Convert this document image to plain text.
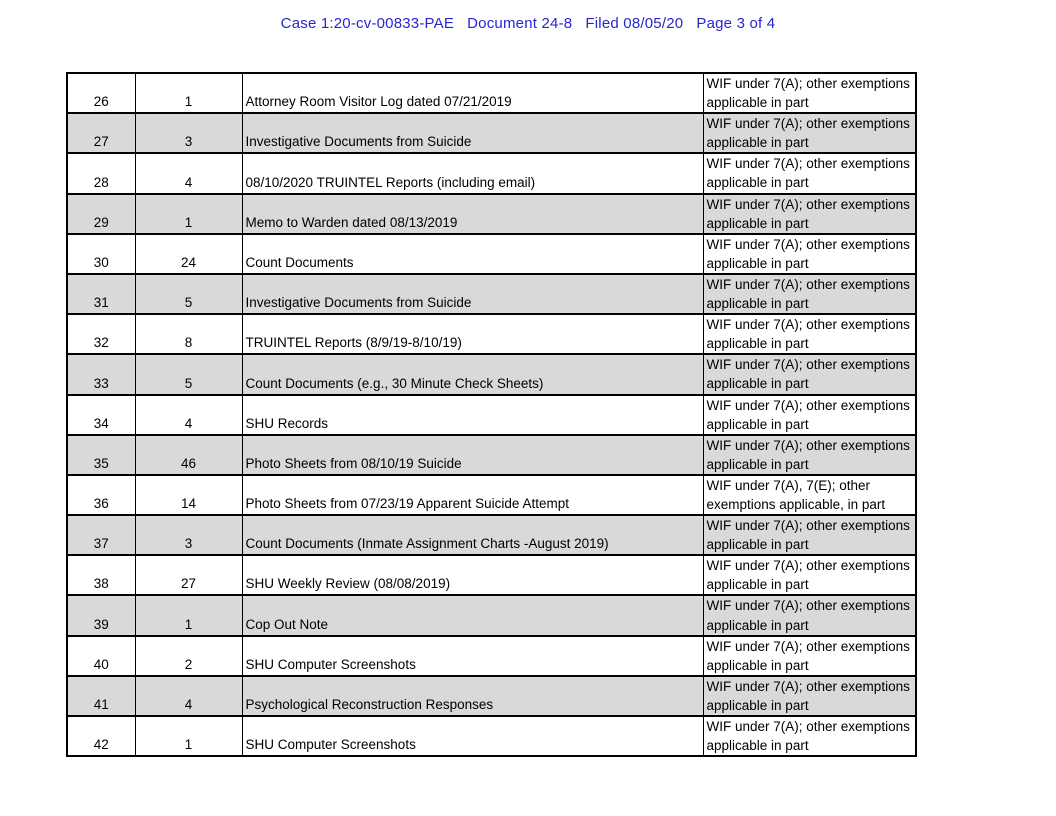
Case 1:20-cv-00833-PAE   Document 24-8   Filed 08/05/20   Page 3 of 4
26	1	Attorney Room Visitor Log dated 07/21/2019	WIF under 7(A); other exemptions
applicable in part

27	3	Investigative Documents from Suicide	WIF under 7(A); other exemptions
applicable in part

28	4	08/10/2020 TRUINTEL Reports (including email)	WIF under 7(A); other exemptions
applicable in part

29	1	Memo to Warden dated 08/13/2019	WIF under 7(A); other exemptions
applicable in part

30	24	Count Documents	WIF under 7(A); other exemptions
applicable in part

31	5	Investigative Documents from Suicide	WIF under 7(A); other exemptions
applicable in part

32	8	TRUINTEL Reports (8/9/19-8/10/19)	WIF under 7(A); other exemptions
applicable in part

33	5	Count Documents (e.g., 30 Minute Check Sheets)	WIF under 7(A); other exemptions
applicable in part

34	4	SHU Records	WIF under 7(A); other exemptions
applicable in part

35	46	Photo Sheets from 08/10/19 Suicide	WIF under 7(A); other exemptions
applicable in part

36	14	Photo Sheets from 07/23/19 Apparent Suicide Attempt	WIF under 7(A), 7(E); other
exemptions applicable, in part

37	3	Count Documents (Inmate Assignment Charts -August 2019)	WIF under 7(A); other exemptions
applicable in part

38	27	SHU Weekly Review (08/08/2019)	WIF under 7(A); other exemptions
applicable in part

39	1	Cop Out Note	WIF under 7(A); other exemptions
applicable in part

40	2	SHU Computer Screenshots	WIF under 7(A); other exemptions
applicable in part

41	4	Psychological Reconstruction Responses	WIF under 7(A); other exemptions
applicable in part

42	1	SHU Computer Screenshots	WIF under 7(A); other exemptions
applicable in part
